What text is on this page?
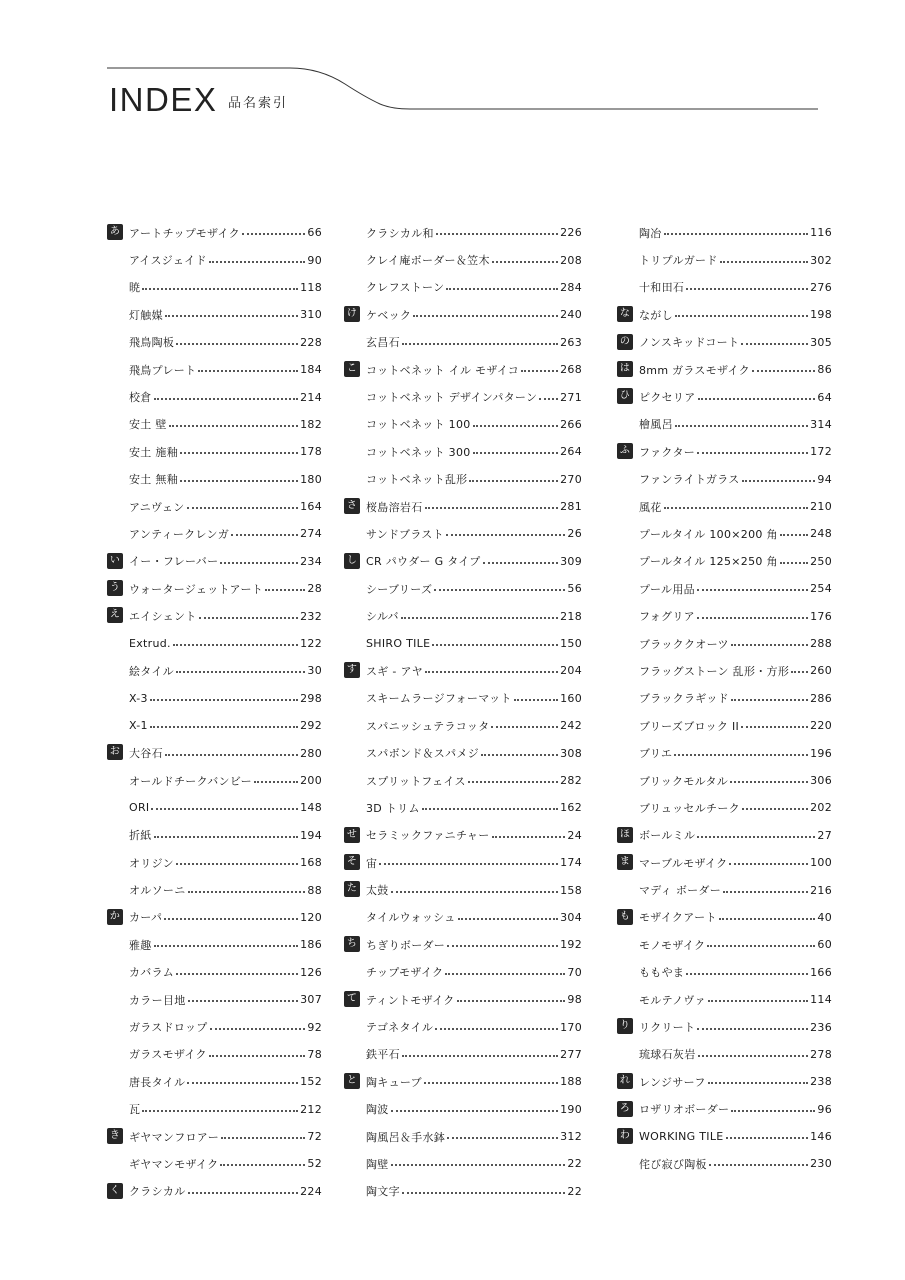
INDEX 品名索引
あ アートチップモザイク	66
アイスジェイド	90
暁	118
灯触媒	310
飛鳥陶板	228
飛鳥プレート	184
校倉	214
安土 壁	182
安土 施釉	178
安土 無釉	180
アニヴェン	164
アンティークレンガ	274
い イー・フレーバー	234
う ウォータージェットアート	28
え エイシェント	232
Extrud.	122
絵タイル	30
X-3	298
X-1	292
お 大谷石	280
オールドチークバンビー	200
ORI	148
折紙	194
オリジン	168
オルソーニ	88
か カーパ	120
雅趣	186
カバラム	126
カラー目地	307
ガラスドロップ	92
ガラスモザイク	78
唐長タイル	152
瓦	212
き ギヤマンフロアー	72
ギヤマンモザイク	52
く クラシカル	224
クラシカル和	226
クレイ庵ボーダー＆笠木	208
クレフストーン	284
け ケベック	240
玄昌石	263
こ コットベネット イル モザイコ	268
コットベネット デザインパターン 271
コットベネット 100	266
コットベネット 300	264
コットベネット乱形	270
さ 桜島溶岩石	281
サンドブラスト	26
し CR パウダー G タイプ	309
シーブリーズ	56
シルバ	218
SHIRO TILE	150
す スギ - アヤ	204
スキームラージフォーマット	160
スパニッシュテラコッタ	242
スパボンド＆スパメジ	308
スプリットフェイス	282
3D トリム	162
せ セラミックファニチャー	24
そ 宙	174
た 太鼓	158
タイルウォッシュ	304
ち ちぎりボーダー	192
チップモザイク	70
て ティントモザイク	98
テゴネタイル	170
鉄平石	277
と 陶キューブ	188
陶波	190
陶風呂＆手水鉢	312
陶壁	22
陶文字	22
陶冶	116
トリプルガード	302
十和田石	276
な ながし	198
の ノンスキッドコート	305
は 8mm ガラスモザイク	86
ひ ピクセリア	64
檜風呂	314
ふ ファクター	172
ファンライトガラス	94
風花	210
プールタイル 100×200 角	248
プールタイル 125×250 角	250
プール用品	254
フォグリア	176
ブラッククオーツ	288
フラッグストーン 乱形・方形 260
ブラックラギッド	286
ブリーズブロック II	220
ブリエ	196
ブリックモルタル	306
ブリュッセルチーク	202
ほ ボールミル	27
ま マーブルモザイク	100
マディ ボーダー	216
も モザイクアート	40
モノモザイク	60
ももやま	166
モルテノヴァ	114
り リクリート	236
琉球石灰岩	278
れ レンジサーフ	238
ろ ロザリオボーダー	96
わ WORKING TILE	146
侘び寂び陶板	230
